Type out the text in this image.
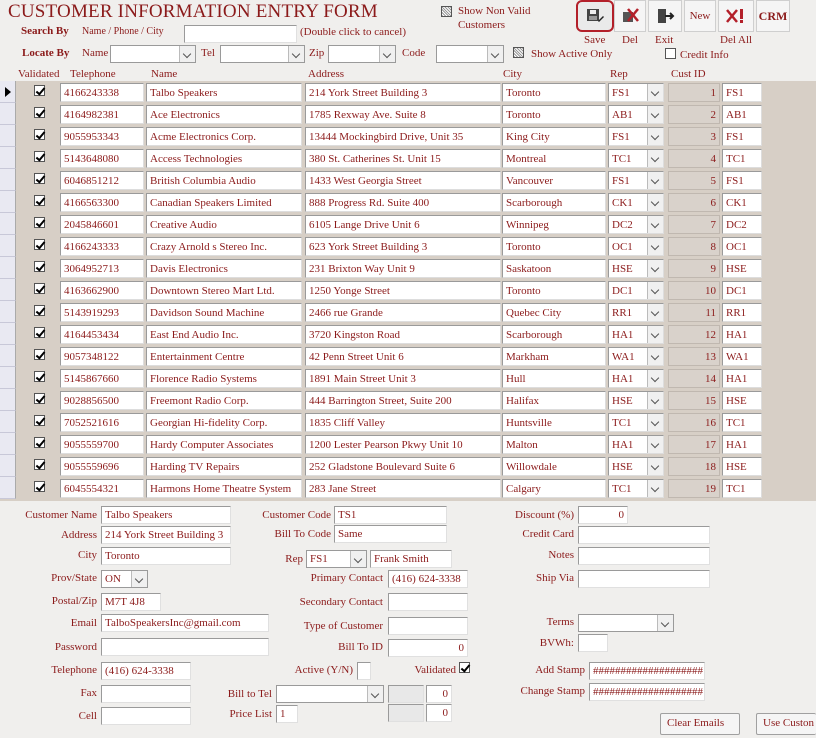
CUSTOMER INFORMATION ENTRY FORM	Show Non Valid
Customers
Search By Name / Phone / City	(Double click to cancel)
Locate By Name	Tel	Zip	Code	Show Active Only	Credit Info
Save Del Exit
New
Del All
CRM
Validated Telephone	Name	Address	City	Rep	Cust ID
4166243338	Talbo Speakers	214 York Street Building 3	Toronto	FS1	1 FS1
4164982381	Ace Electronics	1785 Rexway Ave. Suite 8	Toronto	AB1	2 AB1
9055953343	Acme Electronics Corp.	13444 Mockingbird Drive, Unit 35	King City	FS1	3 FS1
5143648080	Access Technologies	380 St. Catherines St. Unit 15	Montreal	TC1	4 TC1
6046851212	British Columbia Audio	1433 West Georgia Street	Vancouver	FS1	5 FS1
4166563300	Canadian Speakers Limited	888 Progress Rd. Suite 400	Scarborough	CK1	6 CK1
2045846601	Creative Audio	6105 Lange Drive Unit 6	Winnipeg	DC2	7 DC2
4166243333	Crazy Arnold s Stereo Inc.	623 York Street Building 3	Toronto	OC1	8 OC1
3064952713	Davis Electronics	231 Brixton Way Unit 9	Saskatoon	HSE	9 HSE
4163662900	Downtown Stereo Mart Ltd.	1250 Yonge Street	Toronto	DC1	10 DC1
5143919293	Davidson Sound Machine	2466 rue Grande	Quebec City	RR1	11 RR1
4164453434	East End Audio Inc.	3720 Kingston Road	Scarborough	HA1	12 HA1
9057348122	Entertainment Centre	42 Penn Street Unit 6	Markham	WA1	13 WA1
5145867660	Florence Radio Systems	1891 Main Street Unit 3	Hull	HA1	14 HA1
9028856500	Freemont Radio Corp.	444 Barrington Street, Suite 200	Halifax	HSE	15 HSE
7052521616	Georgian Hi-fidelity Corp.	1835 Cliff Valley	Huntsville	TC1	16 TC1
9055559700	Hardy Computer Associates	1200 Lester Pearson Pkwy Unit 10	Malton	HA1	17 HA1
9055559696	Harding TV Repairs	252 Gladstone Boulevard Suite 6	Willowdale	HSE	18 HSE
6045554321	Harmons Home Theatre System	283 Jane Street	Calgary	TC1	19 TC1
Customer Name Talbo Speakers
Address 214 York Street Building 3
City Toronto
Prov/State ON
Postal/Zip M7T 4J8
Email TalboSpeakersInc@gmail.com
Password
Telephone (416) 624-3338
Fax
Cell
Customer Code TS1
Bill To Code Same
Rep FS1	Frank Smith
Primary Contact (416) 624-3338
Secondary Contact
Type of Customer
Bill To ID	0
Active (Y/N)	Validated
Bill to Tel	0
Price List 1	0
Discount (%)	0
Credit Card
Notes
Ship Via
Terms
BVWh:
Add Stamp ####################
Change Stamp ####################
Clear Emails	Use Custon
